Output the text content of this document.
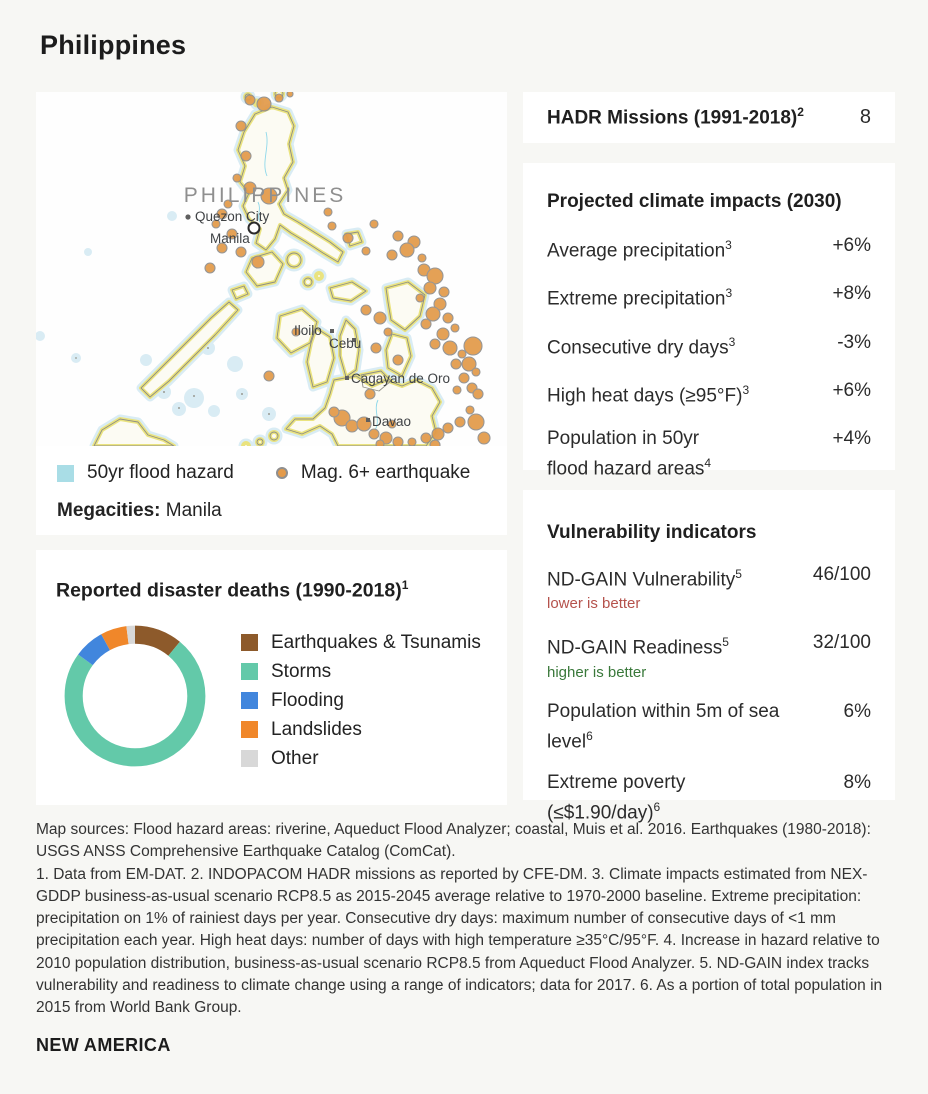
Philippines
PHILIPPINES
Quezon City
Manila
Iloilo
Cebu
Cagayan de Oro
Davao
50yr flood hazard	Mag. 6+ earthquake
Megacities: Manila
Reported disaster deaths (1990-2018)$^1$
Earthquakes & Tsunamis
Storms
Flooding
Landslides
Other
HADR Missions (1991-2018)$^2$	8
Projected climate impacts (2030)
Average precipitation$^3$	+6%
Extreme precipitation$^3$	+8%
Consecutive dry days$^3$	-3%
High heat days (≥95°F)$^3$	+6%
Population in 50yr flood hazard areas$^4$
+4%
Vulnerability indicators
ND-GAIN Vulnerability$^5$	46/100
lower is better
ND-GAIN Readiness$^5$	32/100
higher is better
Population within 5m of sea level$^6$
6%
Extreme poverty (≤$1.90/day)$^6$
8%
Map sources: Flood hazard areas: riverine, Aqueduct Flood Analyzer; coastal, Muis et al. 2016. Earthquakes (1980-2018): USGS ANSS Comprehensive Earthquake Catalog (ComCat).
1. Data from EM-DAT. 2. INDOPACOM HADR missions as reported by CFE-DM. 3. Climate impacts estimated from NEX-GDDP business-as-usual scenario RCP8.5 as 2015-2045 average relative to 1970-2000 baseline. Extreme precipitation: precipitation on 1% of rainiest days per year. Consecutive dry days: maximum number of consecutive days of <1 mm precipitation each year. High heat days: number of days with high temperature ≥35°C/95°F. 4. Increase in hazard relative to 2010 population distribution, business-as-usual scenario RCP8.5 from Aqueduct Flood Analyzer. 5. ND-GAIN index tracks vulnerability and readiness to climate change using a range of indicators; data for 2017. 6. As a portion of total population in 2015 from World Bank Group.
NEW AMERICA
